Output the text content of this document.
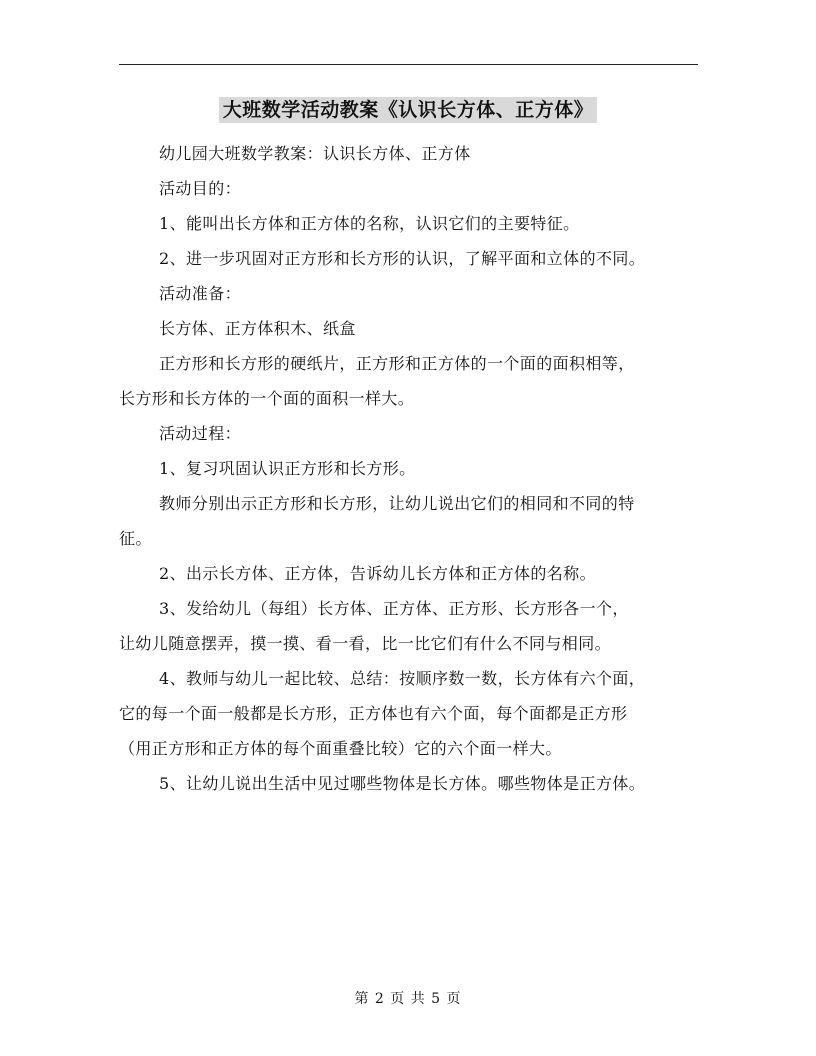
大班数学活动教案《认识长方体、正方体》
幼儿园大班数学教案：认识长方体、正方体
活动目的：
1、能叫出长方体和正方体的名称，认识它们的主要特征。
2、进一步巩固对正方形和长方形的认识，了解平面和立体的不同。
活动准备：
长方体、正方体积木、纸盒
正方形和长方形的硬纸片，正方形和正方体的一个面的面积相等，
长方形和长方体的一个面的面积一样大。
活动过程：
1、复习巩固认识正方形和长方形。
教师分别出示正方形和长方形，让幼儿说出它们的相同和不同的特
征。
2、出示长方体、正方体，告诉幼儿长方体和正方体的名称。
3、发给幼儿（每组）长方体、正方体、正方形、长方形各一个，
让幼儿随意摆弄，摸一摸、看一看，比一比它们有什么不同与相同。
4、教师与幼儿一起比较、总结：按顺序数一数，长方体有六个面，
它的每一个面一般都是长方形，正方体也有六个面，每个面都是正方形
（用正方形和正方体的每个面重叠比较）它的六个面一样大。
5、让幼儿说出生活中见过哪些物体是长方体。哪些物体是正方体。
第 2 页 共 5 页
